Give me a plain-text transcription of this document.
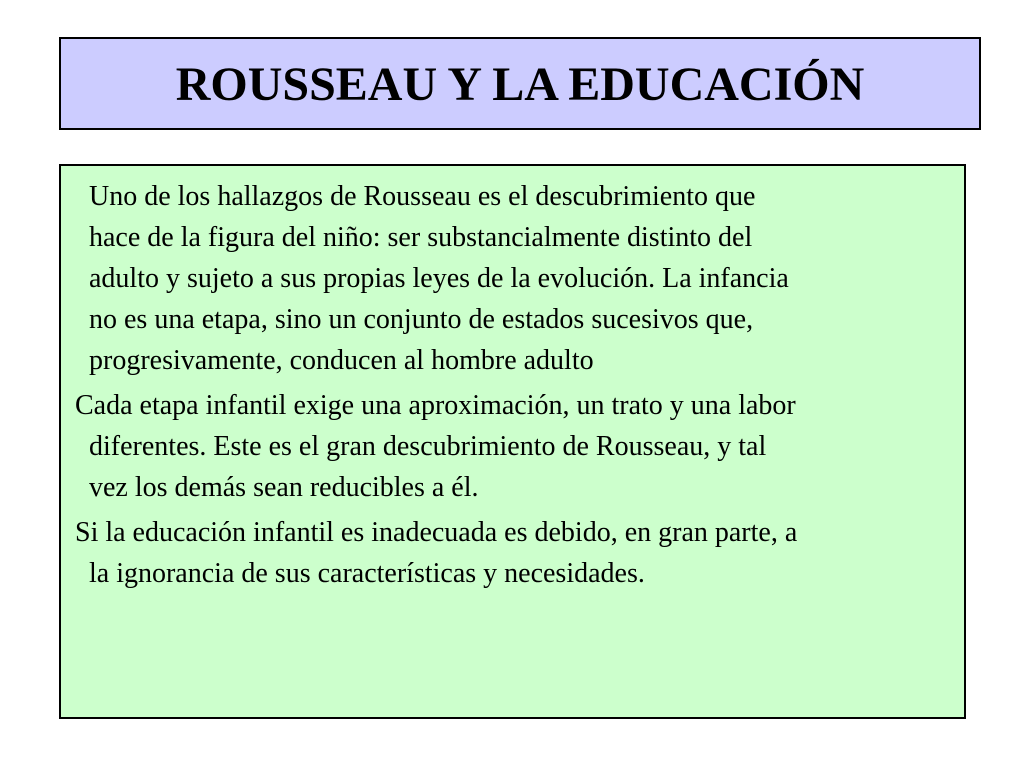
ROUSSEAU Y LA EDUCACIÓN

Uno de los hallazgos de Rousseau es el descubrimiento que
hace de la figura del niño: ser substancialmente distinto del
adulto y sujeto a sus propias leyes de la evolución. La infancia
no es una etapa, sino un conjunto de estados sucesivos que,
progresivamente, conducen al hombre adulto

Cada etapa infantil exige una aproximación, un trato y una labor
diferentes. Este es el gran descubrimiento de Rousseau, y tal
vez los demás sean reducibles a él.

Si la educación infantil es inadecuada es debido, en gran parte, a
la ignorancia de sus características y necesidades.
